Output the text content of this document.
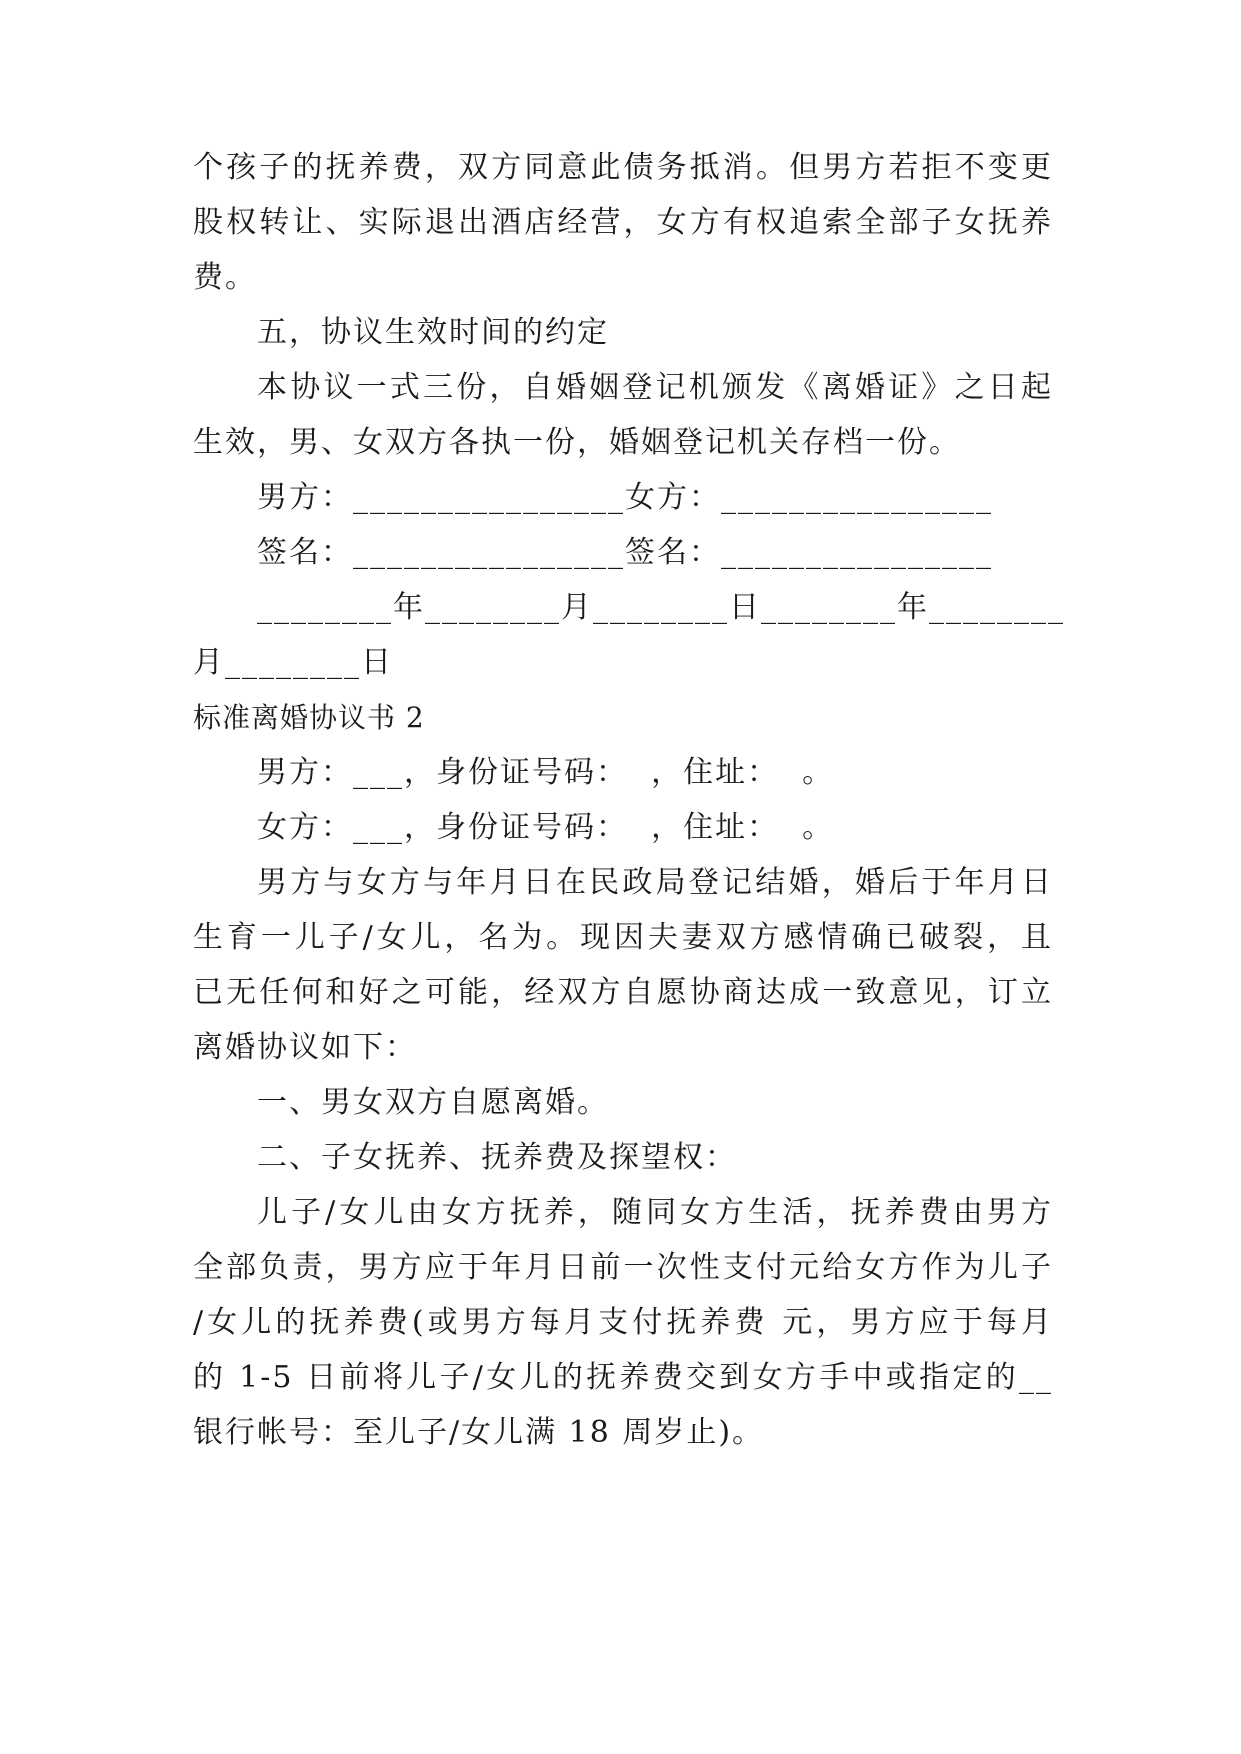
个孩子的抚养费，双方同意此债务抵消。但男方若拒不变更
股权转让、实际退出酒店经营，女方有权追索全部子女抚养
费。
五，协议生效时间的约定
本协议一式三份，自婚姻登记机颁发《离婚证》之日起
生效，男、女双方各执一份，婚姻登记机关存档一份。
男方：________________女方：________________
签名：________________签名：________________
________年________月________日________年________
月________日
标准离婚协议书 2
男方：___，身份证号码：  ，住址：  。
女方：___，身份证号码：  ，住址：  。
男方与女方与年月日在民政局登记结婚，婚后于年月日
生育一儿子/女儿，名为。现因夫妻双方感情确已破裂，且
已无任何和好之可能，经双方自愿协商达成一致意见，订立
离婚协议如下：
一、男女双方自愿离婚。
二、子女抚养、抚养费及探望权：
儿子/女儿由女方抚养，随同女方生活，抚养费由男方
全部负责，男方应于年月日前一次性支付元给女方作为儿子
/女儿的抚养费(或男方每月支付抚养费 元，男方应于每月
的 1-5 日前将儿子/女儿的抚养费交到女方手中或指定的__
银行帐号：至儿子/女儿满 18 周岁止)。
